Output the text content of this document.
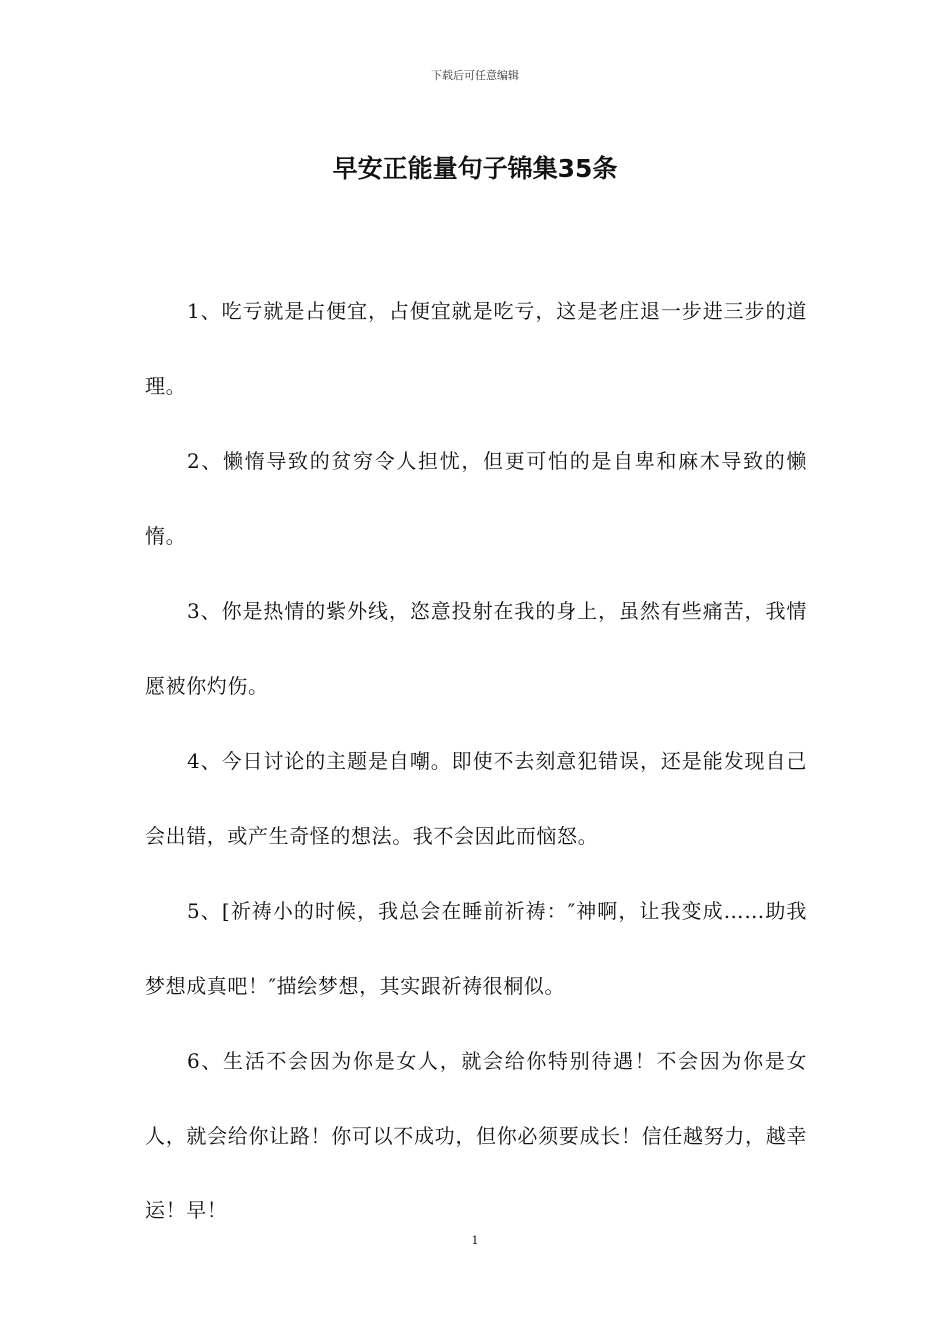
下载后可任意编辑
早安正能量句子锦集35条

1、吃亏就是占便宜，占便宜就是吃亏，这是老庄退一步进三步的道理。

2、懒惰导致的贫穷令人担忧，但更可怕的是自卑和麻木导致的懒惰。

3、你是热情的紫外线，恣意投射在我的身上，虽然有些痛苦，我情愿被你灼伤。

4、今日讨论的主题是自嘲。即使不去刻意犯错误，还是能发现自己会出错，或产生奇怪的想法。我不会因此而恼怒。

5、[祈祷小的时候，我总会在睡前祈祷：″神啊，让我变成……助我梦想成真吧！″描绘梦想，其实跟祈祷很桐似。

6、生活不会因为你是女人，就会给你特别待遇！不会因为你是女人，就会给你让路！你可以不成功，但你必须要成长！信任越努力，越幸运！早！

1
